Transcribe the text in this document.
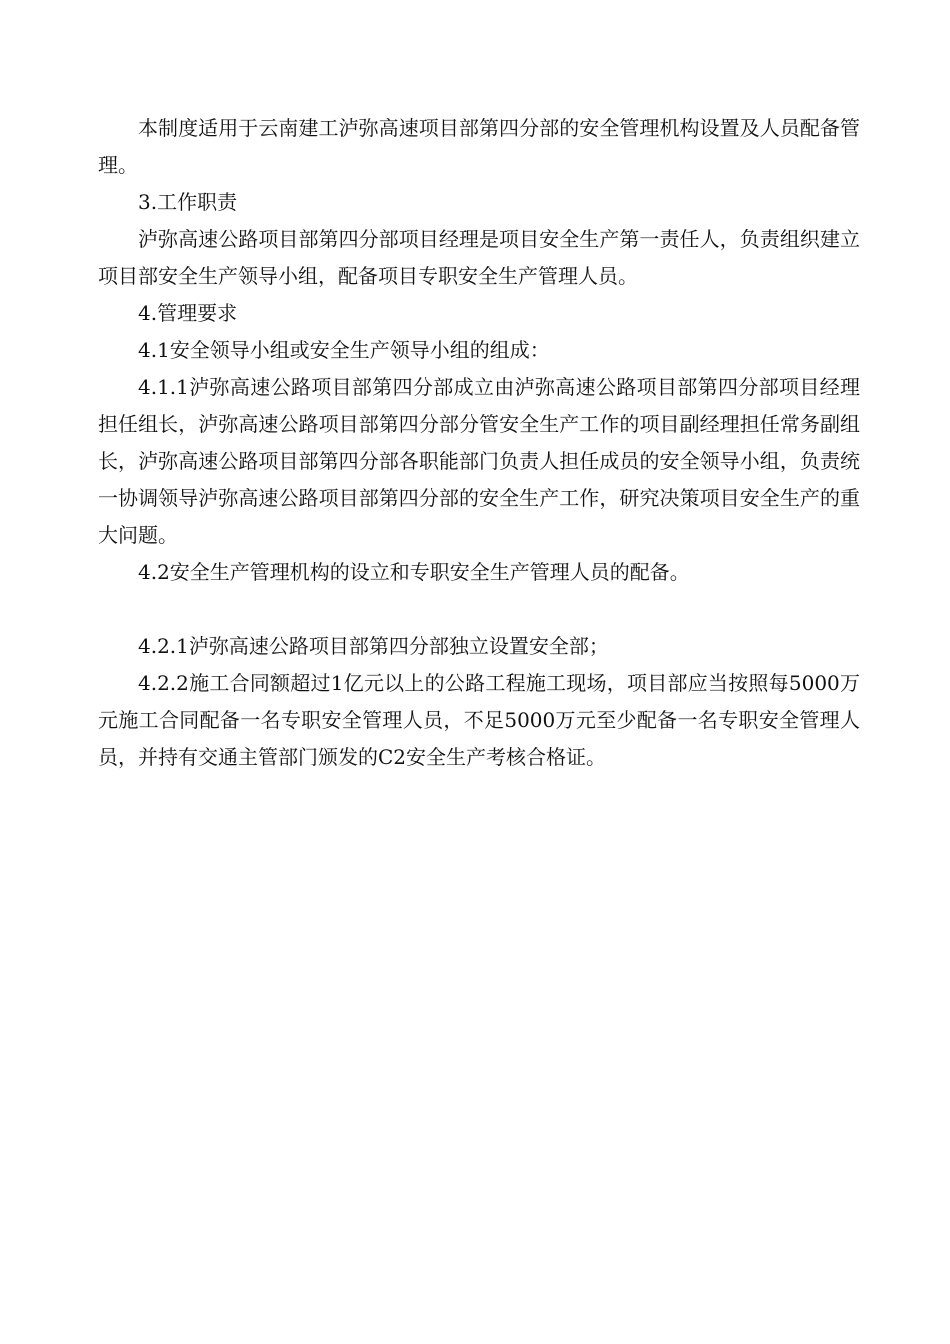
本制度适用于云南建工泸弥高速项目部第四分部的安全管理机构设置及人员配备管理。

3.工作职责

泸弥高速公路项目部第四分部项目经理是项目安全生产第一责任人，负责组织建立项目部安全生产领导小组，配备项目专职安全生产管理人员。

4.管理要求

4.1安全领导小组或安全生产领导小组的组成：

4.1.1泸弥高速公路项目部第四分部成立由泸弥高速公路项目部第四分部项目经理担任组长，泸弥高速公路项目部第四分部分管安全生产工作的项目副经理担任常务副组长，泸弥高速公路项目部第四分部各职能部门负责人担任成员的安全领导小组，负责统一协调领导泸弥高速公路项目部第四分部的安全生产工作，研究决策项目安全生产的重大问题。

4.2安全生产管理机构的设立和专职安全生产管理人员的配备。

4.2.1泸弥高速公路项目部第四分部独立设置安全部；

4.2.2施工合同额超过1亿元以上的公路工程施工现场，项目部应当按照每5000万元施工合同配备一名专职安全管理人员，不足5000万元至少配备一名专职安全管理人员，并持有交通主管部门颁发的C2安全生产考核合格证。
